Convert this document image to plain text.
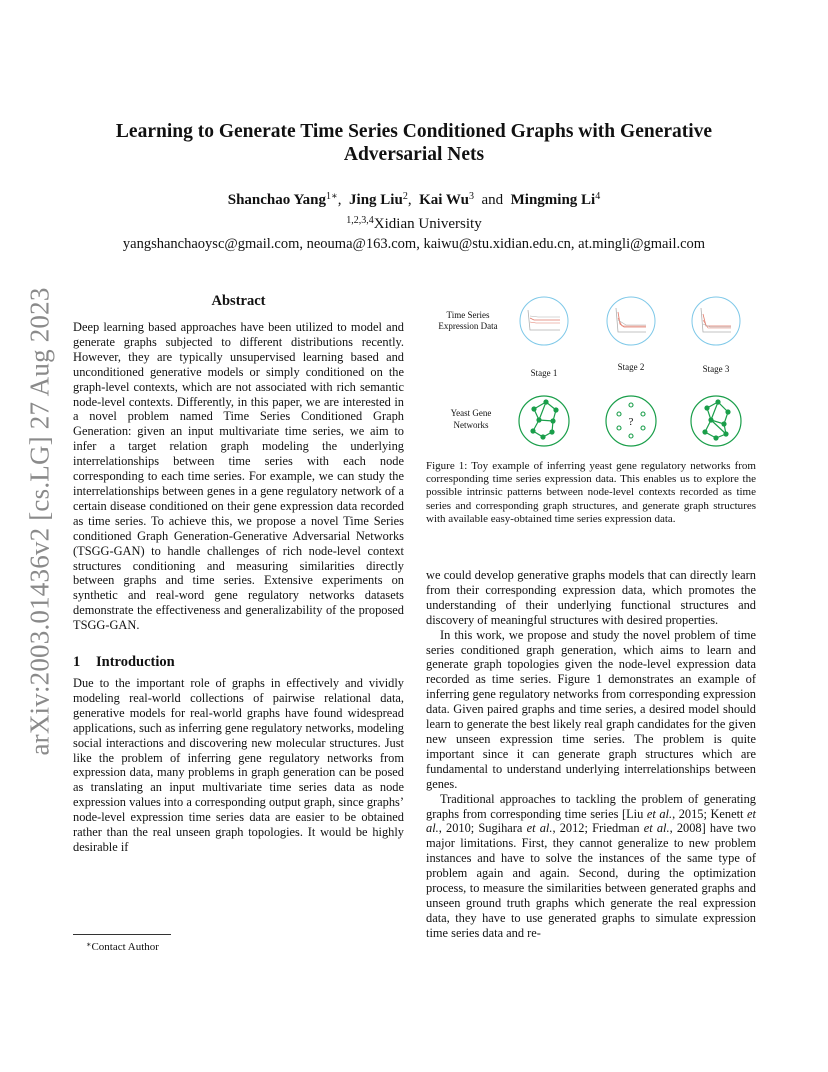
arXiv:2003.01436v2 [cs.LG] 27 Aug 2023
Learning to Generate Time Series Conditioned Graphs with Generative
Adversarial Nets
Shanchao Yang$^{1∗}$, Jing Liu$^2$, Kai Wu$^3$ and Mingming Li$^4$
$^{1,2,3,4}$Xidian University
yangshanchaoysc@gmail.com, neouma@163.com, kaiwu@stu.xidian.edu.cn, at.mingli@gmail.com
Abstract

Deep learning based approaches have been utilized to model and generate graphs subjected to different distributions recently. However, they are typically unsupervised learning based and unconditioned generative models or simply conditioned on the graph-level contexts, which are not associated with rich semantic node-level contexts. Differently, in this paper, we are interested in a novel problem named Time Series Conditioned Graph Generation: given an input multivariate time series, we aim to infer a target relation graph modeling the underlying interrelationships between time series with each node corresponding to each time series. For example, we can study the interrelationships between genes in a gene regulatory network of a certain disease conditioned on their gene expression data recorded as time series. To achieve this, we propose a novel Time Series conditioned Graph Generation-Generative Adversarial Networks (TSGG-GAN) to handle challenges of rich node-level context structures conditioning and measuring similarities directly between graphs and time series. Extensive experiments on synthetic and real-word gene regulatory networks datasets demonstrate the effectiveness and generalizability of the proposed TSGG-GAN.

1 Introduction

Due to the important role of graphs in effectively and vividly modeling real-world collections of pairwise relational data, generative models for real-world graphs have found widespread applications, such as inferring gene regulatory networks, modeling social interactions and discovering new molecular structures. Just like the problem of inferring gene regulatory networks from expression data, many problems in graph generation can be posed as translating an input multivariate time series data as node expression values into a corresponding output graph, since graphs’ node-level expression time series data are easier to be obtained rather than the real unseen graph topologies. It would be highly desirable if

∗Contact Author
Time Series
Expression Data
Yeast Gene
Networks
Stage 1
Stage 2	Stage 3
?
Figure 1: Toy example of inferring yeast gene regulatory networks from corresponding time series expression data. This enables us to explore the possible intrinsic patterns between node-level contexts recorded as time series and corresponding graph structures, and generate graph structures with available easy-obtained time series expression data.

we could develop generative graphs models that can directly learn from their corresponding expression data, which promotes the understanding of their underlying functional structures and discovery of meaningful structures with desired properties.

In this work, we propose and study the novel problem of time series conditioned graph generation, which aims to learn and generate graph topologies given the node-level expression data recorded as time series. Figure 1 demonstrates an example of inferring gene regulatory networks from corresponding expression data. Given paired graphs and time series, a desired model should learn to generate the best likely real graph candidates for the given new unseen expression time series. The problem is quite important since it can generate graph structures which are fundamental to understand underlying interrelationships between genes.

Traditional approaches to tackling the problem of generating graphs from corresponding time series [Liu et al., 2015; Kenett et al., 2010; Sugihara et al., 2012; Friedman et al., 2008] have two major limitations. First, they cannot generalize to new problem instances and have to solve the instances of the same type of problem again and again. Second, during the optimization process, to measure the similarities between generated graphs and unseen ground truth graphs which generate the real expression data, they have to use generated graphs to simulate expression time series data and re-
